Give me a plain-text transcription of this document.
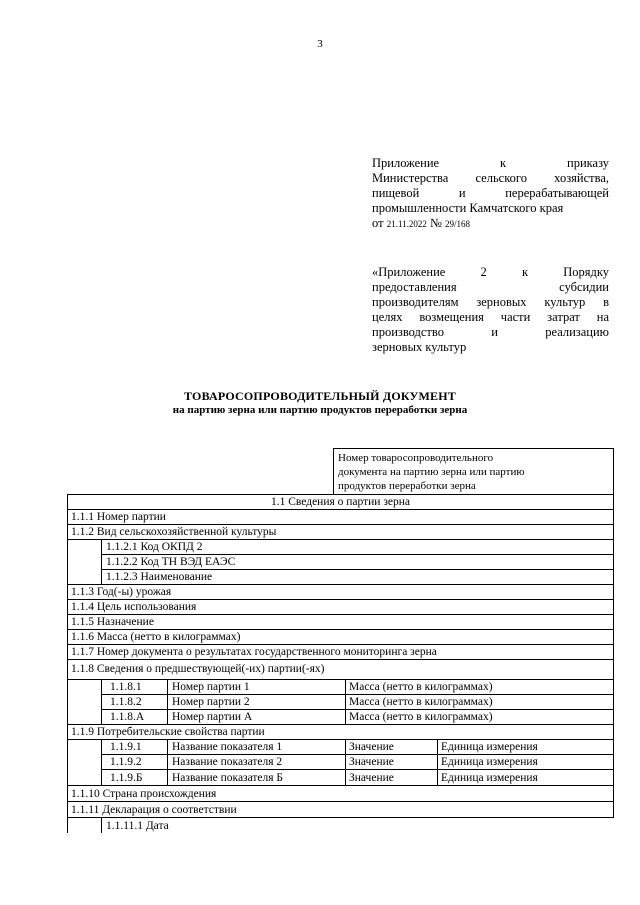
3
Приложение к приказу
Министерства сельского хозяйства,
пищевой и перерабатывающей
промышленности Камчатского края
от 21.11.2022 № 29/168
«Приложение 2 к Порядку
предоставления субсидии
производителям зерновых культур в
целях возмещения части затрат на
производство и реализацию
зерновых культур
ТОВАРОСОПРОВОДИТЕЛЬНЫЙ ДОКУМЕНТ
на партию зерна или партию продуктов переработки зерна
Номер товаросопроводительного
документа на партию зерна или партию
продуктов переработки зерна
1.1 Сведения о партии зерна
1.1.1 Номер партии
1.1.2 Вид сельскохозяйственной культуры
1.1.2.1 Код ОКПД 2
1.1.2.2 Код ТН ВЭД ЕАЭС
1.1.2.3 Наименование
1.1.3 Год(-ы) урожая
1.1.4 Цель использования
1.1.5 Назначение
1.1.6 Масса (нетто в килограммах)
1.1.7 Номер документа о результатах государственного мониторинга зерна
1.1.8 Сведения о предшествующей(-их) партии(-ях)
1.1.8.1	Номер партии 1	Масса (нетто в килограммах)
1.1.8.2	Номер партии 2	Масса (нетто в килограммах)
1.1.8.А Номер партии А	Масса (нетто в килограммах)
1.1.9 Потребительские свойства партии
1.1.9.1	Название показателя 1	Значение	Единица измерения
1.1.9.2	Название показателя 2	Значение	Единица измерения
1.1.9.Б	Название показателя Б	Значение	Единица измерения
1.1.10 Страна происхождения
1.1.11 Декларация о соответствии
1.1.11.1 Дата
